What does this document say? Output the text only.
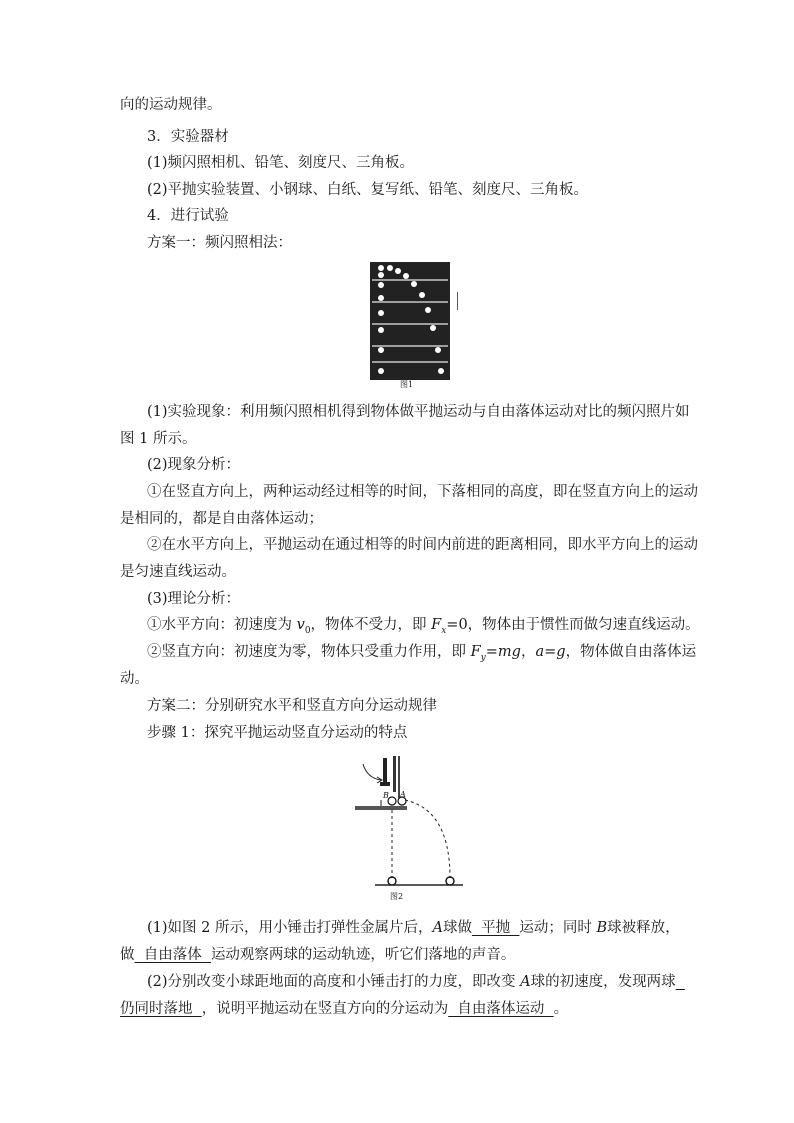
向的运动规律。
3．实验器材
(1)频闪照相机、铅笔、刻度尺、三角板。
(2)平抛实验装置、小钢球、白纸、复写纸、铅笔、刻度尺、三角板。
4．进行试验
方案一：频闪照相法：
图1
(1)实验现象：利用频闪照相机得到物体做平抛运动与自由落体运动对比的频闪照片如
图 1 所示。
(2)现象分析：
①在竖直方向上，两种运动经过相等的时间，下落相同的高度，即在竖直方向上的运动
是相同的，都是自由落体运动；
②在水平方向上，平抛运动在通过相等的时间内前进的距离相同，即水平方向上的运动
是匀速直线运动。
(3)理论分析：
①水平方向：初速度为 $v_0$，物体不受力，即 $F_x=0$，物体由于惯性而做匀速直线运动。
②竖直方向：初速度为零，物体只受重力作用，即 $F_y=mg$，a=g，物体做自由落体运
动。
方案二：分别研究水平和竖直方向分运动规律
步骤 1：探究平抛运动竖直分运动的特点
B A
图2
(1)如图 2 所示，用小锤击打弹性金属片后，A球做  平抛  运动；同时 B球被释放，
做  自由落体  运动观察两球的运动轨迹，听它们落地的声音。
(2)分别改变小球距地面的高度和小锤击打的力度，即改变 A球的初速度，发现两球
仍同时落地  ，说明平抛运动在竖直方向的分运动为  自由落体运动  。
